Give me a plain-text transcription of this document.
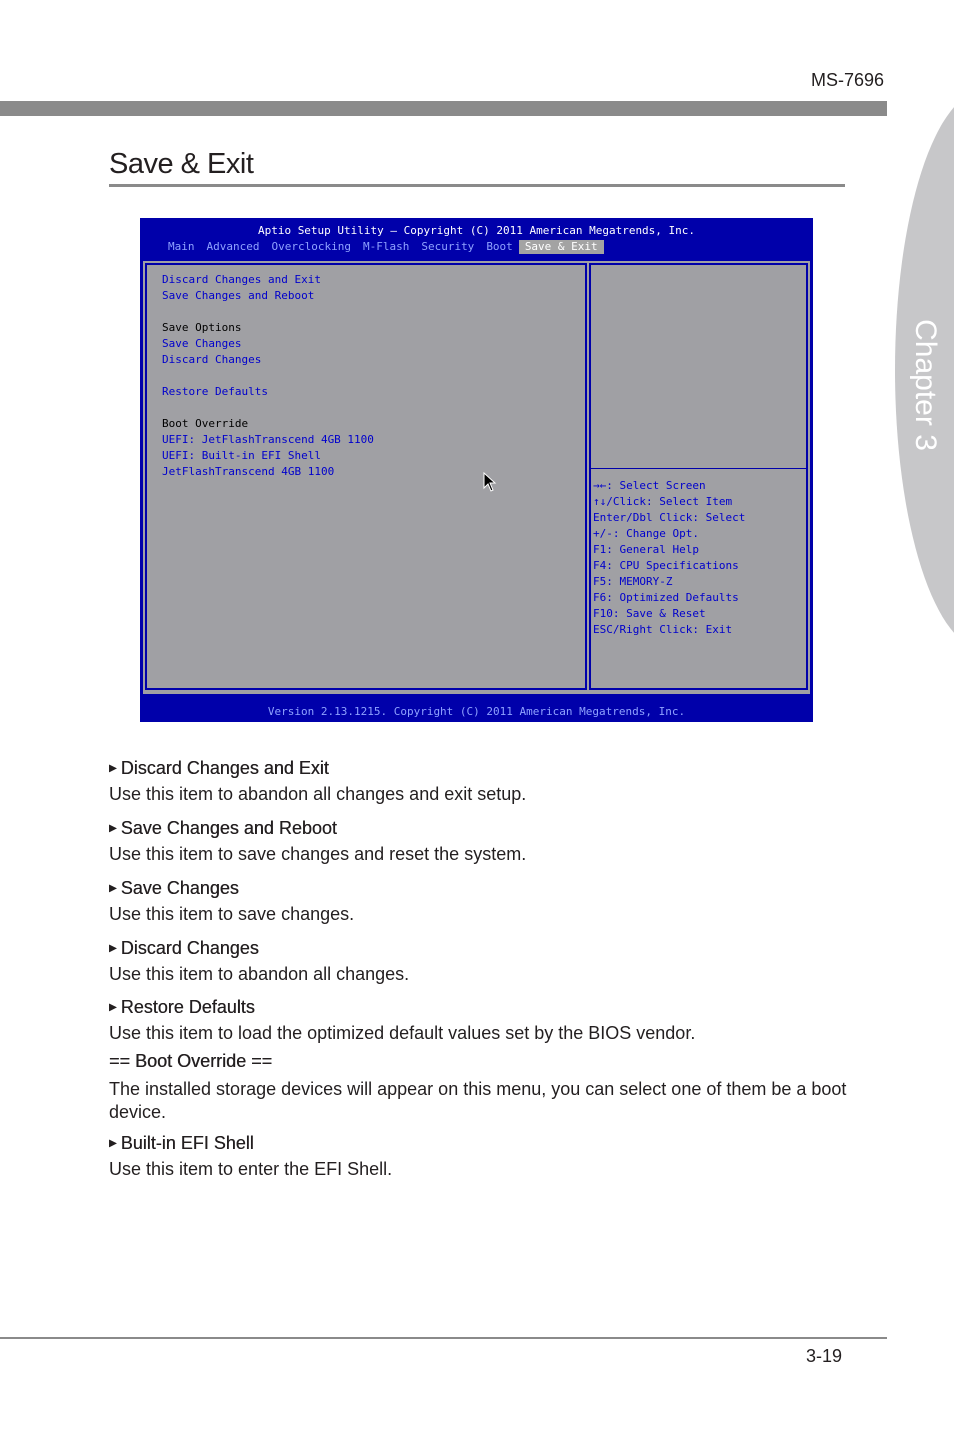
MS-7696
Chapter 3
Save & Exit
Aptio Setup Utility – Copyright (C) 2011 American Megatrends, Inc.
Main	Advanced	Overclocking	M-Flash	Security	Boot	Save & Exit
Discard Changes and Exit
Save Changes and Reboot
Save Options
Save Changes
Discard Changes
Restore Defaults
Boot Override
UEFI: JetFlashTranscend 4GB 1100
UEFI: Built-in EFI Shell
JetFlashTranscend 4GB 1100
→←: Select Screen
↑↓/Click: Select Item
Enter/Dbl Click: Select
+/-: Change Opt.
F1: General Help
F4: CPU Specifications
F5: MEMORY-Z
F6: Optimized Defaults
F10: Save & Reset
ESC/Right Click: Exit
Version 2.13.1215. Copyright (C) 2011 American Megatrends, Inc.
▶ Discard Changes and Exit
Use this item to abandon all changes and exit setup.
▶ Save Changes and Reboot
Use this item to save changes and reset the system.
▶ Save Changes
Use this item to save changes.
▶ Discard Changes
Use this item to abandon all changes.
▶ Restore Defaults
Use this item to load the optimized default values set by the BIOS vendor.
== Boot Override ==
The installed storage devices will appear on this menu, you can select one of them be a boot device.
▶ Built-in EFI Shell
Use this item to enter the EFI Shell.
3-19
